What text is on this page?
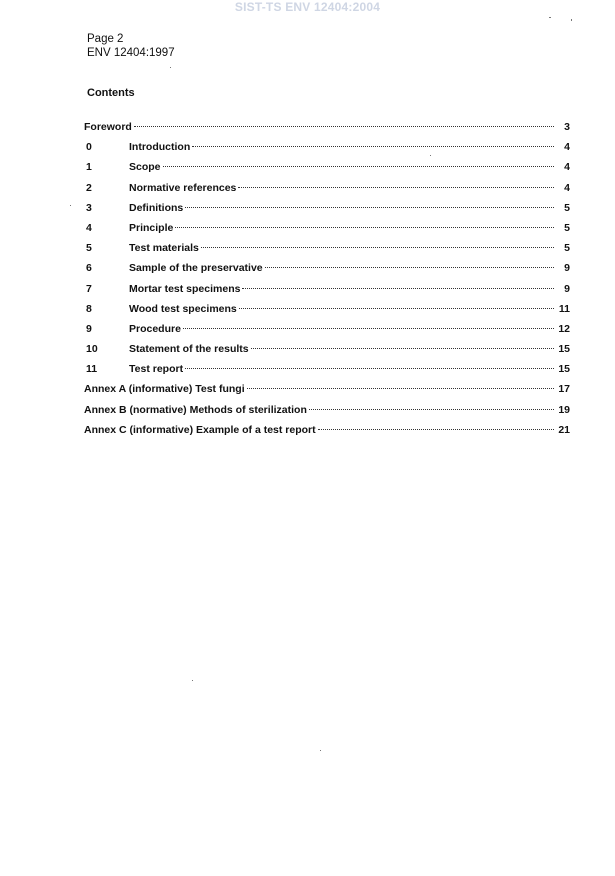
SIST-TS ENV 12404:2004
Page 2
ENV 12404:1997
Contents
Foreword	3
0	Introduction	4
1	Scope	4
2	Normative references	4
3	Definitions	5
4	Principle	5
5	Test materials	5
6	Sample of the preservative	9
7	Mortar test specimens	9
8	Wood test specimens	11
9	Procedure	12
10	Statement of the results	15
11	Test report	15
Annex A (informative) Test fungi	17
Annex B (normative) Methods of sterilization	19
Annex C (informative) Example of a test report	21
